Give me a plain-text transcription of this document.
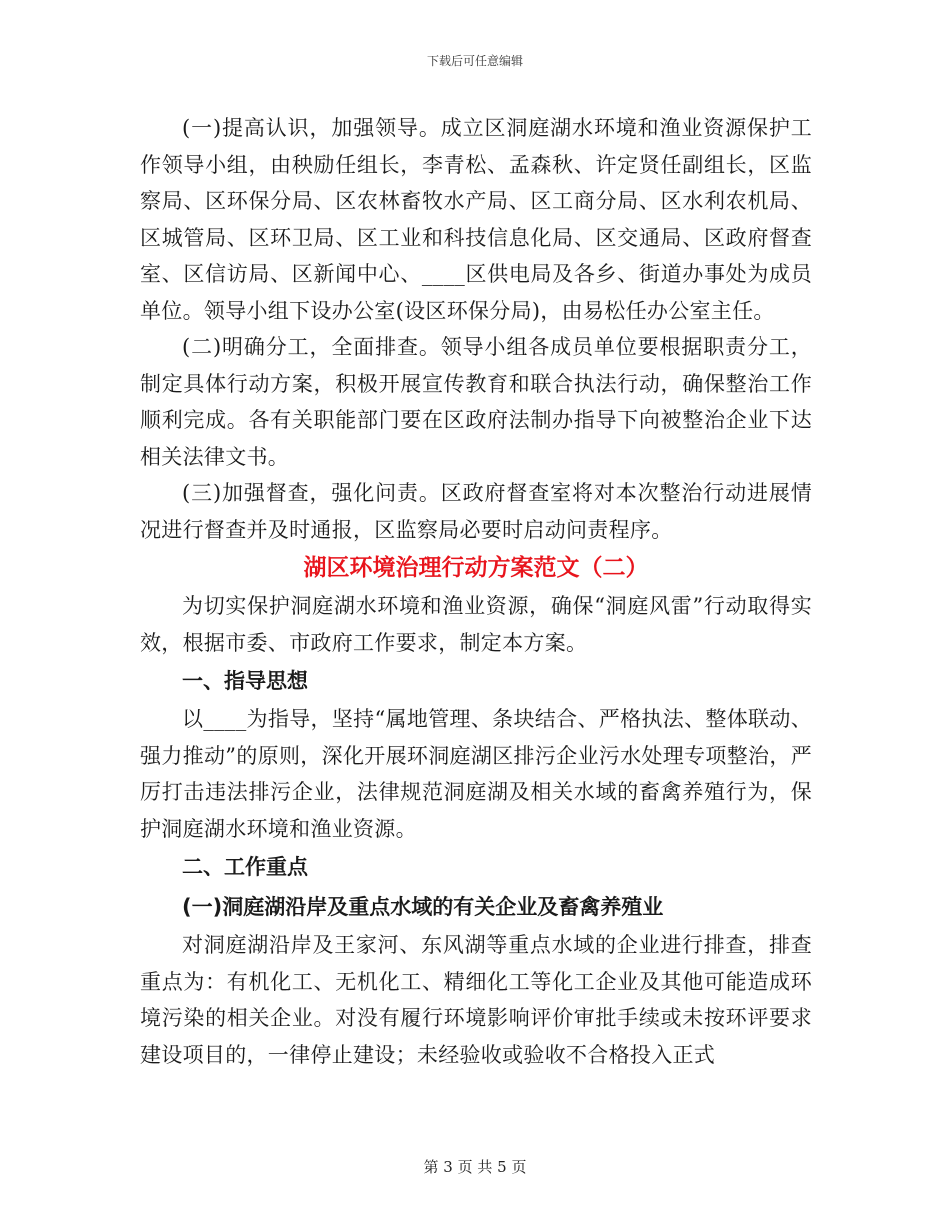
下载后可任意编辑

(一)提高认识，加强领导。成立区洞庭湖水环境和渔业资源保护工作领导小组，由秧励任组长，李青松、孟森秋、许定贤任副组长，区监察局、区环保分局、区农林畜牧水产局、区工商分局、区水利农机局、区城管局、区环卫局、区工业和科技信息化局、区交通局、区政府督查室、区信访局、区新闻中心、____区供电局及各乡、街道办事处为成员单位。领导小组下设办公室(设区环保分局)，由易松任办公室主任。

(二)明确分工，全面排查。领导小组各成员单位要根据职责分工，制定具体行动方案，积极开展宣传教育和联合执法行动，确保整治工作顺利完成。各有关职能部门要在区政府法制办指导下向被整治企业下达相关法律文书。

(三)加强督查，强化问责。区政府督查室将对本次整治行动进展情况进行督查并及时通报，区监察局必要时启动问责程序。

湖区环境治理行动方案范文（二）

为切实保护洞庭湖水环境和渔业资源，确保“洞庭风雷”行动取得实效，根据市委、市政府工作要求，制定本方案。

一、指导思想

以____为指导，坚持“属地管理、条块结合、严格执法、整体联动、强力推动”的原则，深化开展环洞庭湖区排污企业污水处理专项整治，严厉打击违法排污企业，法律规范洞庭湖及相关水域的畜禽养殖行为，保护洞庭湖水环境和渔业资源。

二、工作重点

(一)洞庭湖沿岸及重点水域的有关企业及畜禽养殖业

对洞庭湖沿岸及王家河、东风湖等重点水域的企业进行排查，排查重点为：有机化工、无机化工、精细化工等化工企业及其他可能造成环境污染的相关企业。对没有履行环境影响评价审批手续或未按环评要求建设项目的，一律停止建设；未经验收或验收不合格投入正式

第 3 页 共 5 页
